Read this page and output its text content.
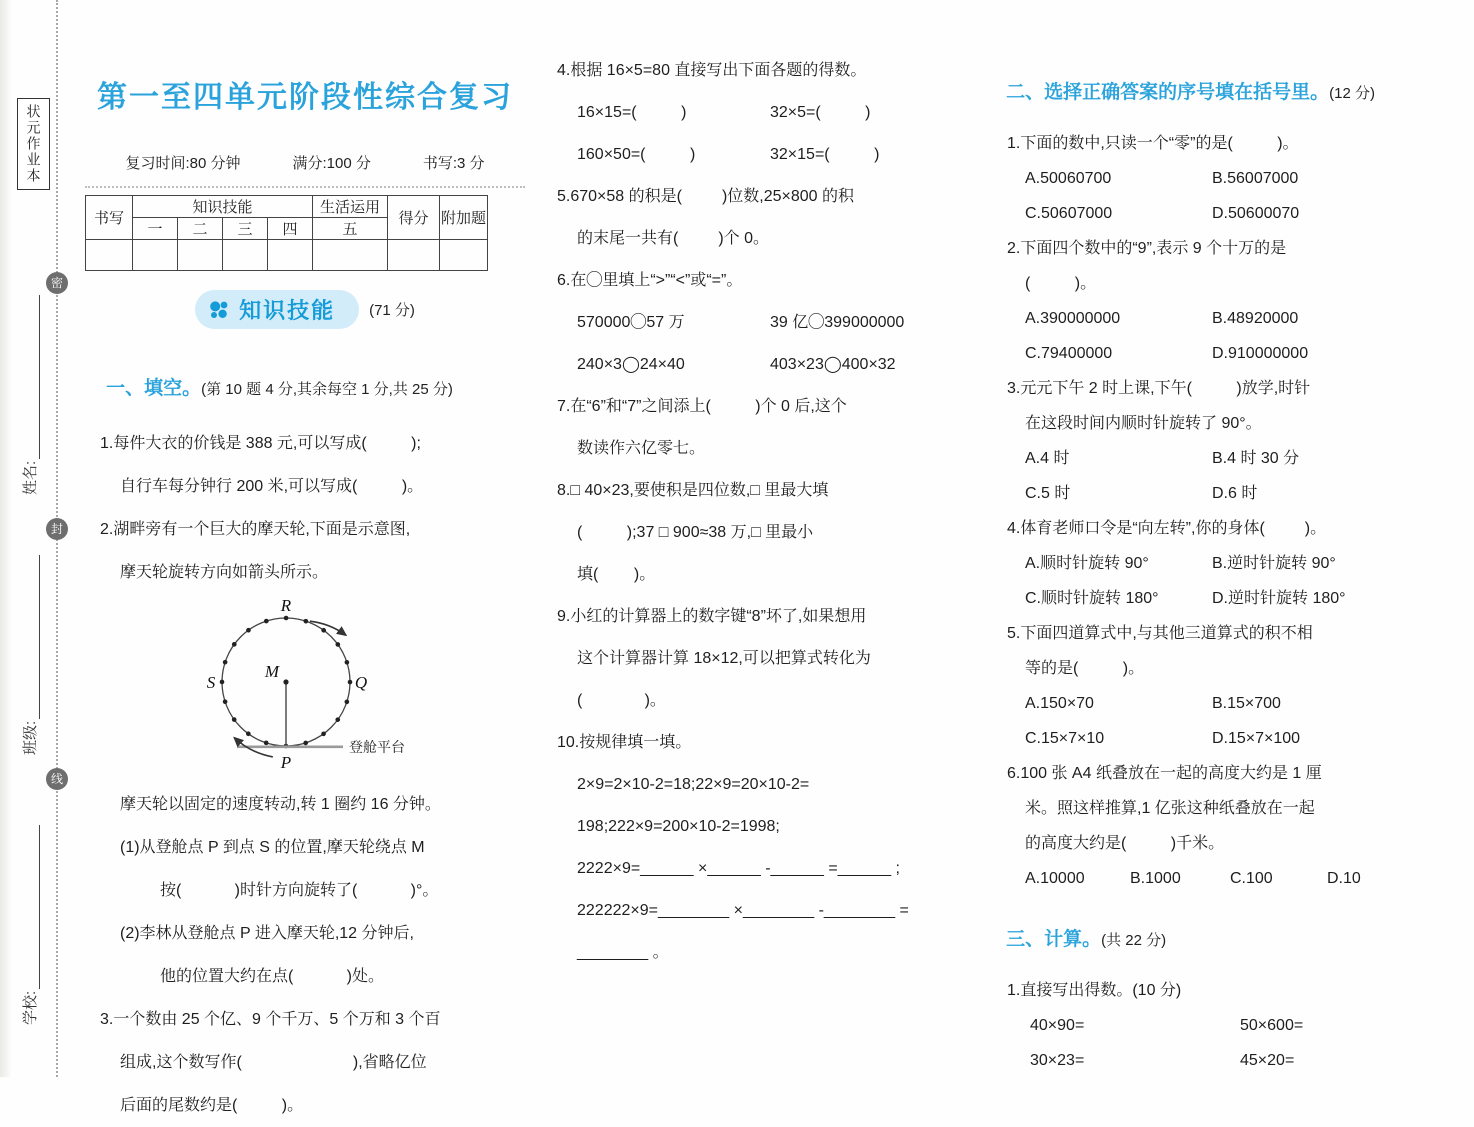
状元作业本
密
封
线
姓名:
班级:
学校:
第一至四单元阶段性综合复习
复习时间:80 分钟	满分:100 分	书写:3 分
书写	知识技能				生活运用	得分	附加题
	一	二	三	四	五		

知识技能 (71 分)

一、填空。(第 10 题 4 分,其余每空 1 分,共 25 分)

1.每件大衣的价钱是 388 元,可以写成(          );
自行车每分钟行 200 米,可以写成(          )。
2.湖畔旁有一个巨大的摩天轮,下面是示意图,
摩天轮旋转方向如箭头所示。
R
S	Q
M
P
登舱平台
摩天轮以固定的速度转动,转 1 圈约 16 分钟。
(1)从登舱点 P 到点 S 的位置,摩天轮绕点 M
按(            )时针方向旋转了(            )°。
(2)李林从登舱点 P 进入摩天轮,12 分钟后,
他的位置大约在点(            )处。
3.一个数由 25 个亿、9 个千万、5 个万和 3 个百
组成,这个数写作(                         ),省略亿位
后面的尾数约是(          )。
4.根据 16×5=80 直接写出下面各题的得数。
16×15=(          )	32×5=(          )
160×50=(          )	32×15=(          )
5.670×58 的积是(         )位数,25×800 的积
的末尾一共有(         )个 0。
6.在◯里填上“>”“<”或“=”。
570000◯57 万	39 亿◯399000000
240×3◯24×40	403×23◯400×32
7.在“6”和“7”之间添上(          )个 0 后,这个
数读作六亿零七。
8.□ 40×23,要使积是四位数,□ 里最大填
(          );37 □ 900≈38 万,□ 里最小
填(        )。
9.小红的计算器上的数字键“8”坏了,如果想用
这个计算器计算 18×12,可以把算式转化为
(              )。
10.按规律填一填。
2×9=2×10-2=18;22×9=20×10-2=
198;222×9=200×10-2=1998;
2222×9=______ ×______ -______ =______ ;
222222×9=________ ×________ -________ =
________ 。

二、选择正确答案的序号填在括号里。(12 分)

1.下面的数中,只读一个“零”的是(          )。
A.50060700	B.56007000
C.50607000	D.50600070
2.下面四个数中的“9”,表示 9 个十万的是
(          )。
A.390000000	B.48920000
C.79400000	D.910000000
3.元元下午 2 时上课,下午(          )放学,时针
在这段时间内顺时针旋转了 90°。
A.4 时	B.4 时 30 分
C.5 时	D.6 时
4.体育老师口令是“向左转”,你的身体(         )。
A.顺时针旋转 90°	B.逆时针旋转 90°
C.顺时针旋转 180°	D.逆时针旋转 180°
5.下面四道算式中,与其他三道算式的积不相
等的是(          )。
A.150×70	B.15×700
C.15×7×10	D.15×7×100
6.100 张 A4 纸叠放在一起的高度大约是 1 厘
米。照这样推算,1 亿张这种纸叠放在一起
的高度大约是(          )千米。
A.10000	B.1000	C.100	D.10

三、计算。(共 22 分)

1.直接写出得数。(10 分)
40×90=	50×600=
30×23=	45×20=
